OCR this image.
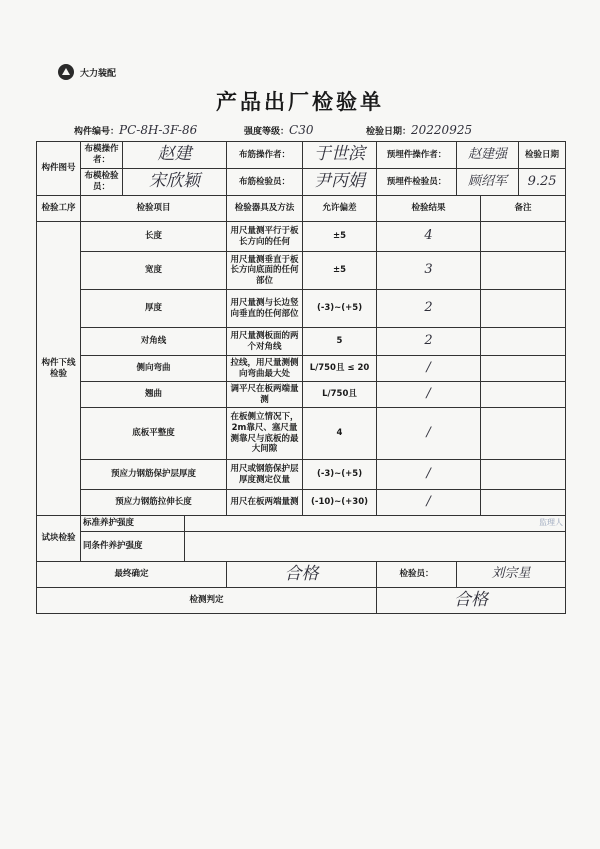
大力装配
产品出厂检验单
构件编号：PC-8H-3F-86	强度等级：C30	检验日期：20220925
构件图号	布模操作者：	赵建		布筋操作者：	于世滨	预埋件操作者：	赵建强		检验日期
	布模检验员：	宋欣颖		布筋检验员：	尹丙娟	预埋件检验员：	顾绍军		9.25
检验工序	检验项目			检验器具及方法	允许偏差	检验结果		备注	
构件下线检验	长度			用尺量测平行于板长方向的任何	±5	4			
	宽度			用尺量测垂直于板长方向底面的任何部位	±5	3			
	厚度			用尺量测与长边竖向垂直的任何部位	(-3)~(+5)	2			
	对角线			用尺量测板面的两个对角线	5	2			
	侧向弯曲			拉线，用尺量测侧向弯曲最大处	L/750且 ≤ 20	/			
	翘曲			调平尺在板两端量测	L/750且	/			
	底板平整度			在板侧立情况下，2m靠尺、塞尺量测靠尺与底板的最大间隙	4	/			
	预应力钢筋保护层厚度			用尺或钢筋保护层厚度测定仪量	(-3)~(+5)	/			
	预应力钢筋拉伸长度			用尺在板两端量测	(-10)~(+30)	/			
试块检验	标准养护强度		监理人						
	同条件养护强度								
最终确定				合格		检验员：	刘宗星		
检测判定						合格			
